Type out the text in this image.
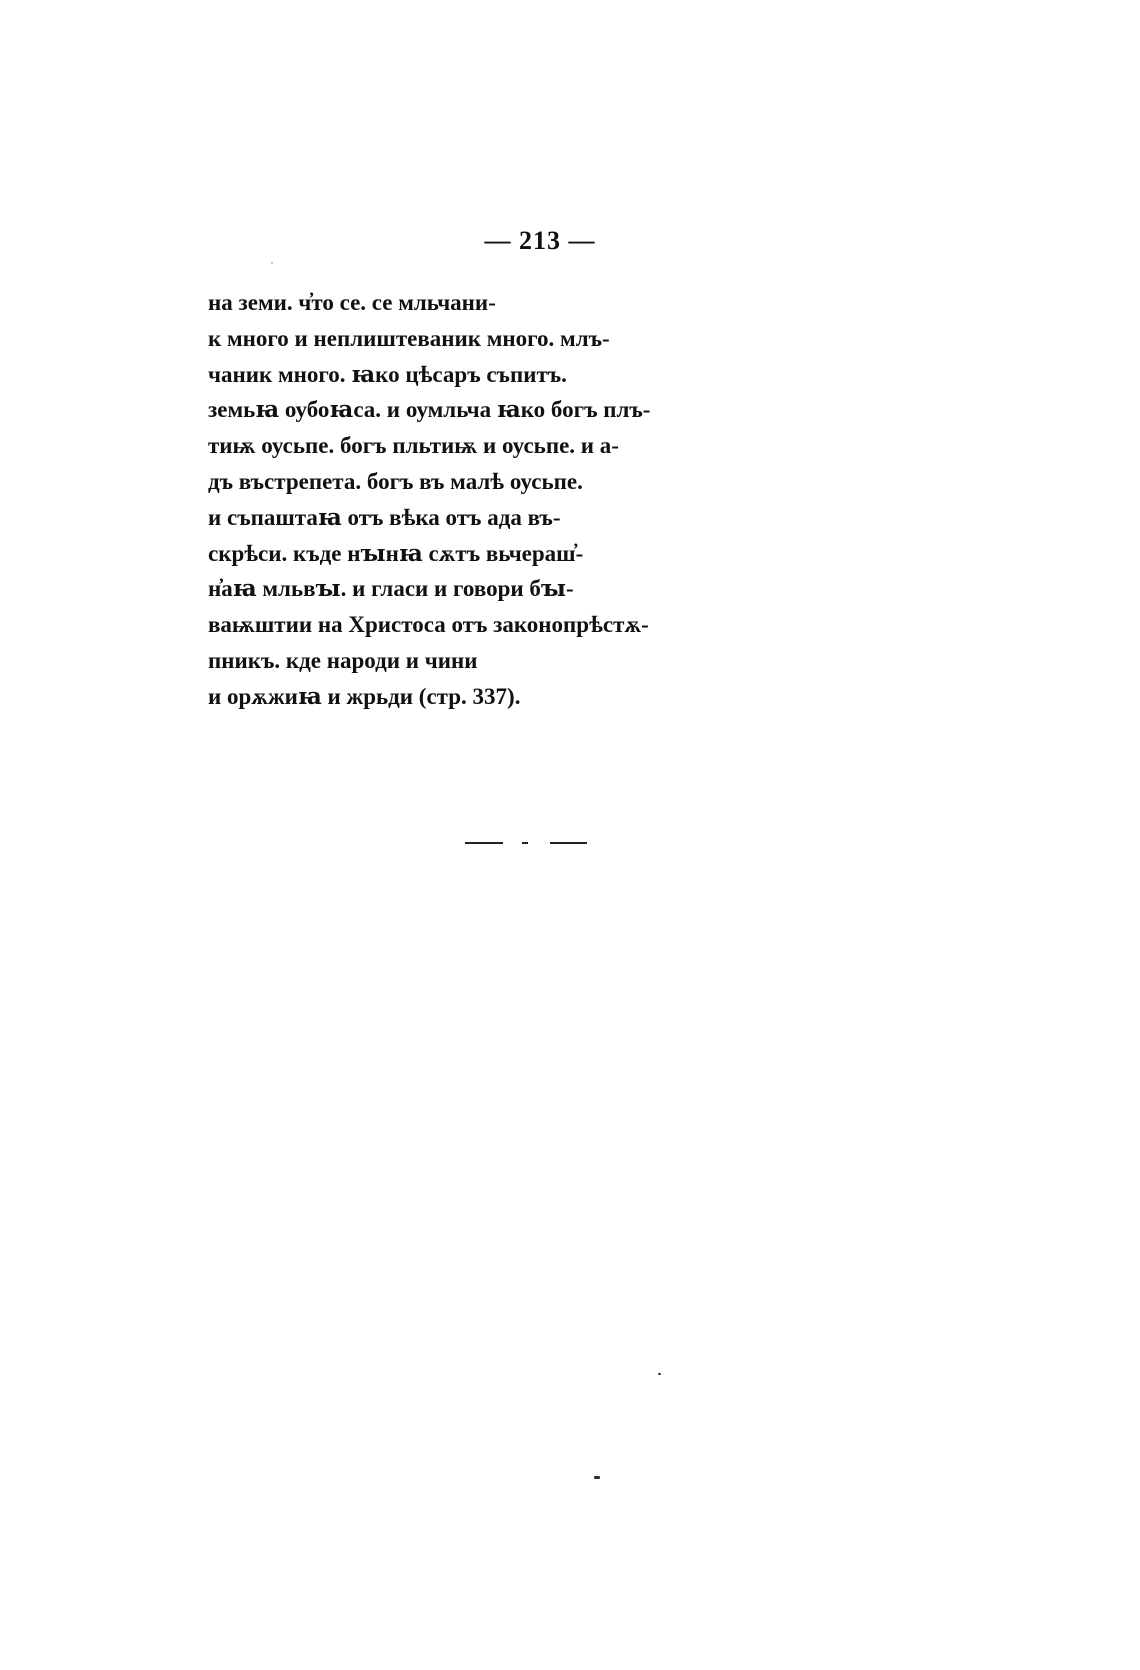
— 213 —
на земи. ч҆то се. се мльчани-
к много и неплиштеваник много. млъ-
чаник много. ꙗко цѣсаръ съпитъ.
земьꙗ оубоꙗса. и оумльча ꙗко богъ плъ-
тиѭ оусьпе. богъ пльтиѭ и оусьпе. и а-
дъ въстрепета. богъ въ малѣ оусьпе.
и съпаштаꙗ отъ вѣка отъ ада въ-
скрѣси. къде нꙑнꙗ сѫтъ вьчераш҆-
н҆аꙗ мльвꙑ. и гласи и говори бꙑ-
ваѭштии на Христоса отъ законопрѣстѫ-
пникъ. кде народи и чини
и орѫжиꙗ и жрьди (стр. 337).
